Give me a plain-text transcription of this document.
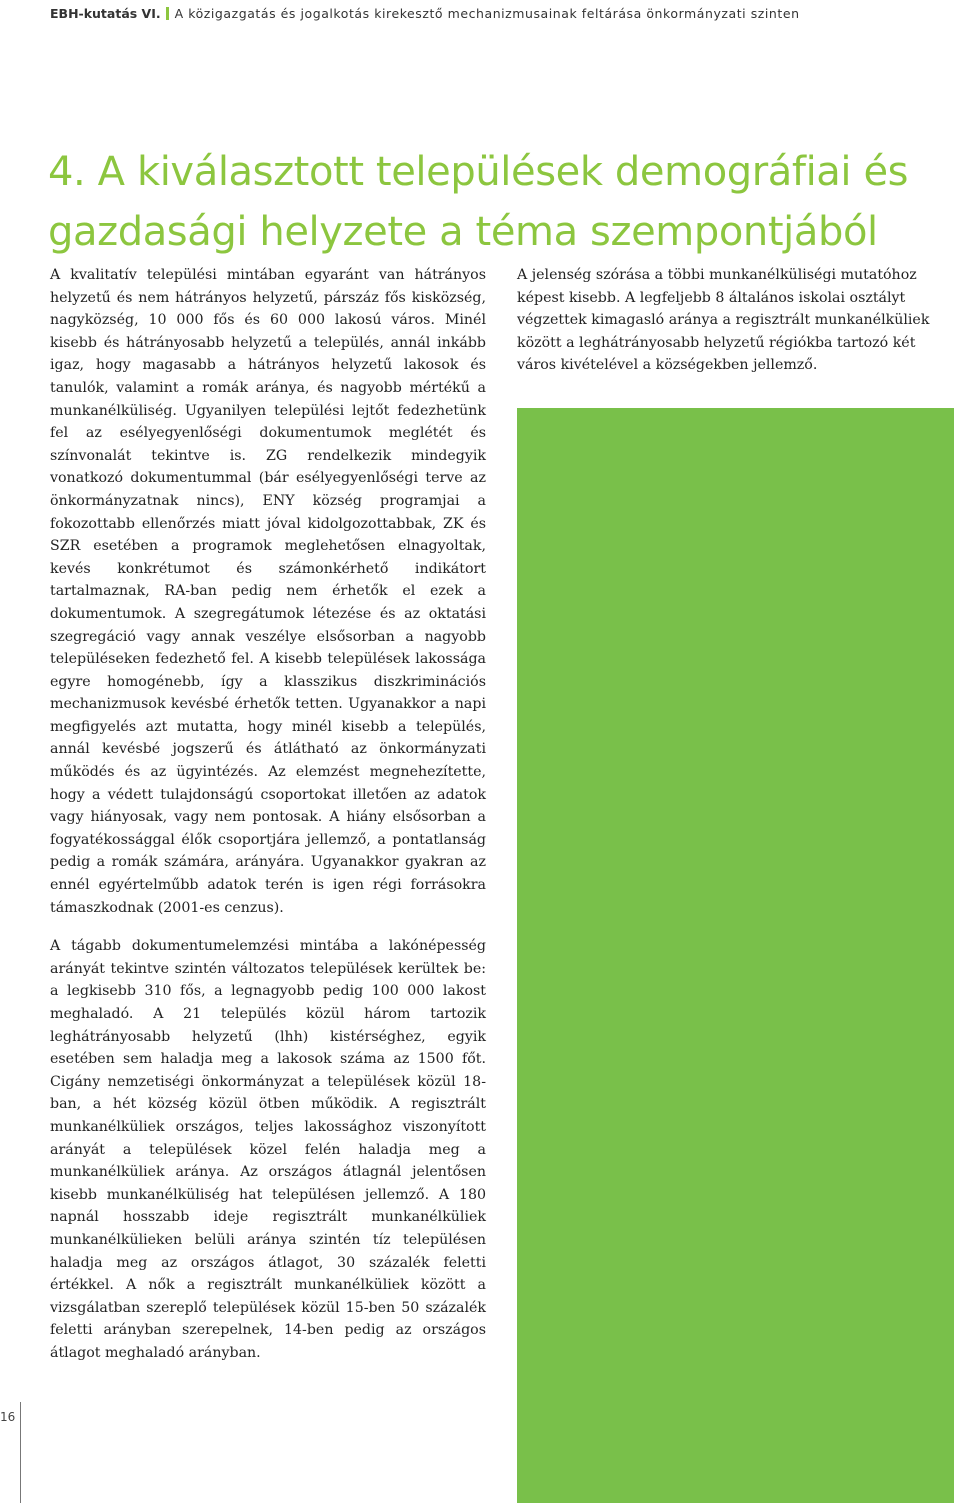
EBH-kutatás VI. A közigazgatás és jogalkotás kirekesztő mechanizmusainak feltárása önkormányzati szinten
4. A kiválasztott települések demográfiai és gazdasági helyzete a téma szempontjából

A kvalitatív települési mintában egyaránt van hátrányos helyzetű és nem hátrányos helyzetű, párszáz fős kisközség, nagyközség, 10 000 fős és 60 000 lakosú város. Minél kisebb és hátrányosabb helyzetű a település, annál inkább igaz, hogy magasabb a hátrányos helyzetű lakosok és tanulók, valamint a romák aránya, és nagyobb mértékű a munkanélküliség. Ugyanilyen települési lejtőt fedezhetünk fel az esélyegyenlőségi dokumentumok meglétét és színvonalát tekintve is. ZG rendelkezik mindegyik vonatkozó dokumentummal (bár esélyegyenlőségi terve az önkormányzatnak nincs), ENY község programjai a fokozottabb ellenőrzés miatt jóval kidolgozottabbak, ZK és SZR esetében a programok meglehetősen elnagyoltak, kevés konkrétumot és számonkérhető indikátort tartalmaznak, RA-ban pedig nem érhetők el ezek a dokumentumok. A szegregátumok létezése és az oktatási szegregáció vagy annak veszélye elsősorban a nagyobb településeken fedezhető fel. A kisebb települések lakossága egyre homogénebb, így a klasszikus diszkriminációs mechanizmusok kevésbé érhetők tetten. Ugyanakkor a napi megfigyelés azt mutatta, hogy minél kisebb a település, annál kevésbé jogszerű és átlátható az önkormányzati működés és az ügyintézés. Az elemzést megnehezítette, hogy a védett tulajdonságú csoportokat illetően az adatok vagy hiányosak, vagy nem pontosak. A hiány elsősorban a fogyatékossággal élők csoportjára jellemző, a pontatlanság pedig a romák számára, arányára. Ugyanakkor gyakran az ennél egyértelműbb adatok terén is igen régi forrásokra támaszkodnak (2001-es cenzus).

A tágabb dokumentumelemzési mintába a lakónépesség arányát tekintve szintén változatos települések kerültek be: a legkisebb 310 fős, a legnagyobb pedig 100 000 lakost meghaladó. A 21 település közül három tartozik leghátrányosabb helyzetű (lhh) kistérséghez, egyik esetében sem haladja meg a lakosok száma az 1500 főt. Cigány nemzetiségi önkormányzat a települések közül 18-ban, a hét község közül ötben működik. A regisztrált munkanélküliek országos, teljes lakossághoz viszonyított arányát a települések közel felén haladja meg a munkanélküliek aránya. Az országos átlagnál jelentősen kisebb munkanélküliség hat településen jellemző. A 180 napnál hosszabb ideje regisztrált munkanélküliek munkanélkülieken belüli aránya szintén tíz településen haladja meg az országos átlagot, 30 százalék feletti értékkel. A nők a regisztrált munkanélküliek között a vizsgálatban szereplő települések közül 15-ben 50 százalék feletti arányban szerepelnek, 14-ben pedig az országos átlagot meghaladó arányban.

A jelenség szórása a többi munkanélküliségi mutatóhoz képest kisebb. A legfeljebb 8 általános iskolai osztályt végzettek kimagasló aránya a regisztrált munkanélküliek között a leghátrányosabb helyzetű régiókba tartozó két város kivételével a községekben jellemző.

16
